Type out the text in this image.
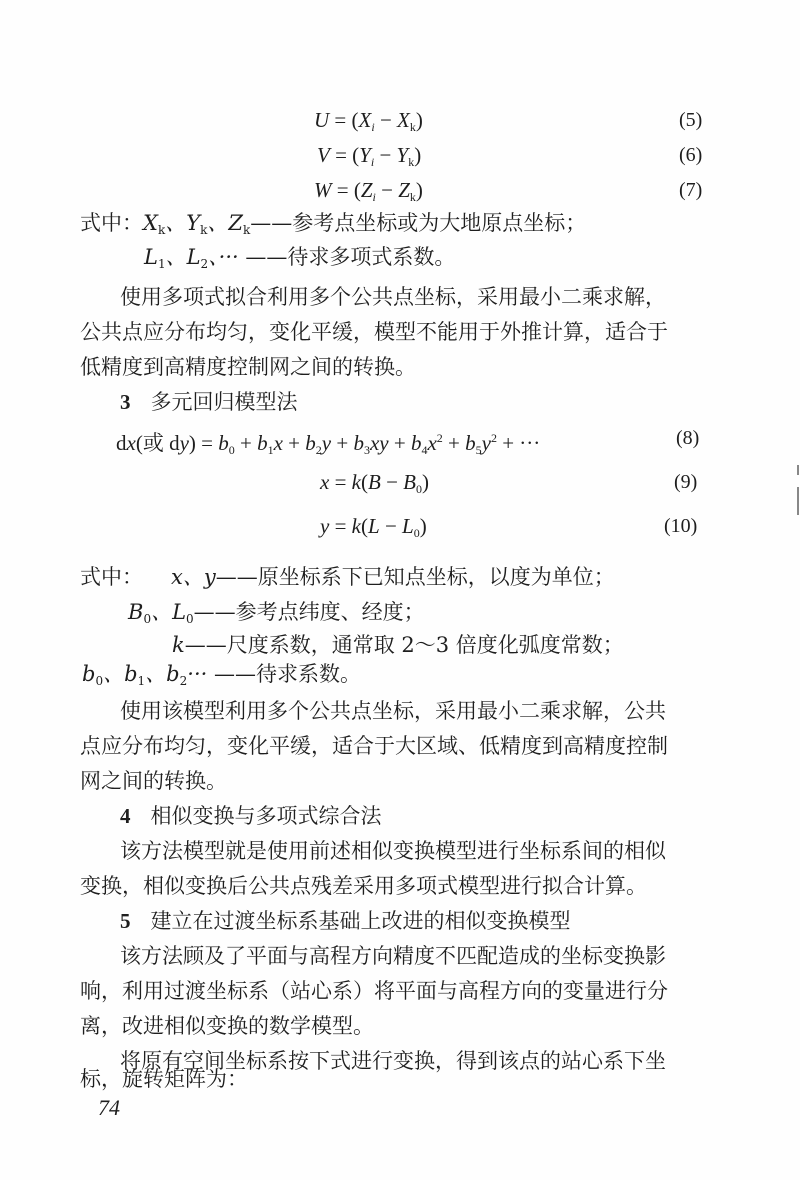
$U = (X_i - X_k)$	(5)
$V = (Y_i - Y_k)$	(6)
$W = (Z_i - Z_k)$	(7)
式中：$X_k$、$Y_k$、$Z_k——$参考点坐标或为大地原点坐标；
$L_1$、$L_2$、··· ——待求多项式系数。
使用多项式拟合利用多个公共点坐标，采用最小二乘求解，
公共点应分布均匀，变化平缓，模型不能用于外推计算，适合于
低精度到高精度控制网之间的转换。
3 多元回归模型法
dx(或 $dy) = b_0 + b_1x + b_2y + b_3xy + b_4x^2 + b_5y^2$ + ···	(8)
$x = k(B - B_0)$	(9)
$y = k(L - L_0)$	(10)
式中： x、y——原坐标系下已知点坐标，以度为单位；
$B_0$、$L_0——$参考点纬度、经度；
k——尺度系数，通常取 2～3 倍度化弧度常数；
$b_0$、$b_1$、$b_2\cdot\cdot\cdot$ ——待求系数。
使用该模型利用多个公共点坐标，采用最小二乘求解，公共
点应分布均匀，变化平缓，适合于大区域、低精度到高精度控制
网之间的转换。
4 相似变换与多项式综合法
该方法模型就是使用前述相似变换模型进行坐标系间的相似
变换，相似变换后公共点残差采用多项式模型进行拟合计算。
5 建立在过渡坐标系基础上改进的相似变换模型
该方法顾及了平面与高程方向精度不匹配造成的坐标变换影
响，利用过渡坐标系（站心系）将平面与高程方向的变量进行分
离，改进相似变换的数学模型。
将原有空间坐标系按下式进行变换，得到该点的站心系下坐
标，旋转矩阵为：
74
